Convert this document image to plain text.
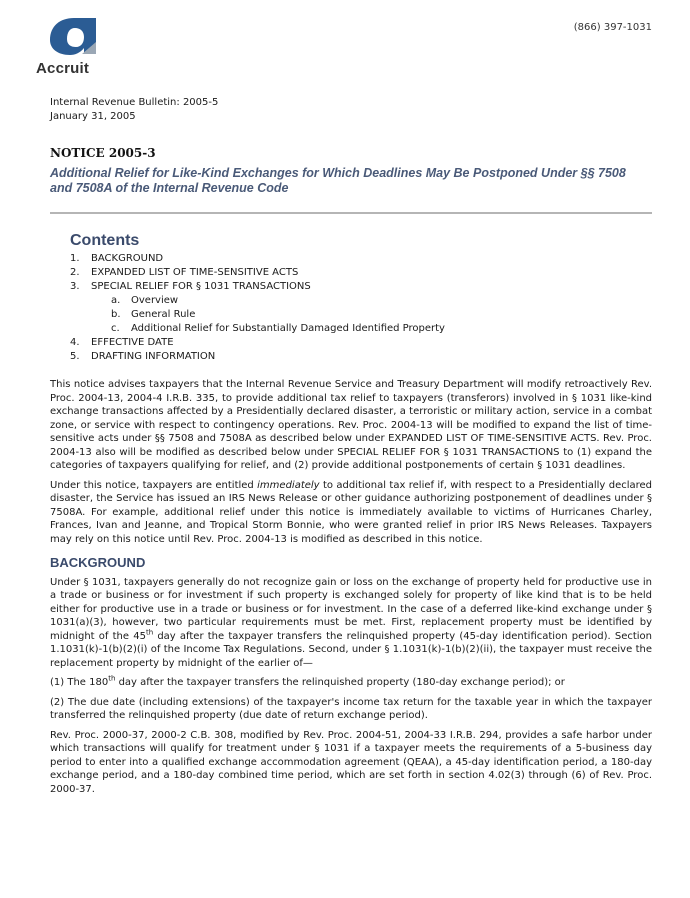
Accruit
(866) 397-1031
Internal Revenue Bulletin: 2005-5
January 31, 2005
NOTICE 2005-3
Additional Relief for Like-Kind Exchanges for Which Deadlines May Be Postponed Under §§ 7508 and 7508A of the Internal Revenue Code
Contents
1. BACKGROUND
2. EXPANDED LIST OF TIME-SENSITIVE ACTS
3. SPECIAL RELIEF FOR § 1031 TRANSACTIONS
a. Overview
b. General Rule
c. Additional Relief for Substantially Damaged Identified Property
4. EFFECTIVE DATE
5. DRAFTING INFORMATION

This notice advises taxpayers that the Internal Revenue Service and Treasury Department will modify retroactively Rev. Proc. 2004-13, 2004-4 I.R.B. 335, to provide additional tax relief to taxpayers (transferors) involved in § 1031 like-kind exchange transactions affected by a Presidentially declared disaster, a terroristic or military action, service in a combat zone, or service with respect to contingency operations. Rev. Proc. 2004-13 will be modified to expand the list of time-sensitive acts under §§ 7508 and 7508A as described below under EXPANDED LIST OF TIME-SENSITIVE ACTS. Rev. Proc. 2004-13 also will be modified as described below under SPECIAL RELIEF FOR § 1031 TRANSACTIONS to (1) expand the categories of taxpayers qualifying for relief, and (2) provide additional postponements of certain § 1031 deadlines.

Under this notice, taxpayers are entitled immediately to additional tax relief if, with respect to a Presidentially declared disaster, the Service has issued an IRS News Release or other guidance authorizing postponement of deadlines under § 7508A. For example, additional relief under this notice is immediately available to victims of Hurricanes Charley, Frances, Ivan and Jeanne, and Tropical Storm Bonnie, who were granted relief in prior IRS News Releases. Taxpayers may rely on this notice until Rev. Proc. 2004-13 is modified as described in this notice.

BACKGROUND

Under § 1031, taxpayers generally do not recognize gain or loss on the exchange of property held for productive use in a trade or business or for investment if such property is exchanged solely for property of like kind that is to be held either for productive use in a trade or business or for investment. In the case of a deferred like-kind exchange under § 1031(a)(3), however, two particular requirements must be met. First, replacement property must be identified by midnight of the 45th day after the taxpayer transfers the relinquished property (45-day identification period). Section 1.1031(k)-1(b)(2)(i) of the Income Tax Regulations. Second, under § 1.1031(k)-1(b)(2)(ii), the taxpayer must receive the replacement property by midnight of the earlier of—

(1) The 180th day after the taxpayer transfers the relinquished property (180-day exchange period); or

(2) The due date (including extensions) of the taxpayer's income tax return for the taxable year in which the taxpayer transferred the relinquished property (due date of return exchange period).

Rev. Proc. 2000-37, 2000-2 C.B. 308, modified by Rev. Proc. 2004-51, 2004-33 I.R.B. 294, provides a safe harbor under which transactions will qualify for treatment under § 1031 if a taxpayer meets the requirements of a 5-business day period to enter into a qualified exchange accommodation agreement (QEAA), a 45-day identification period, a 180-day exchange period, and a 180-day combined time period, which are set forth in section 4.02(3) through (6) of Rev. Proc. 2000-37.
